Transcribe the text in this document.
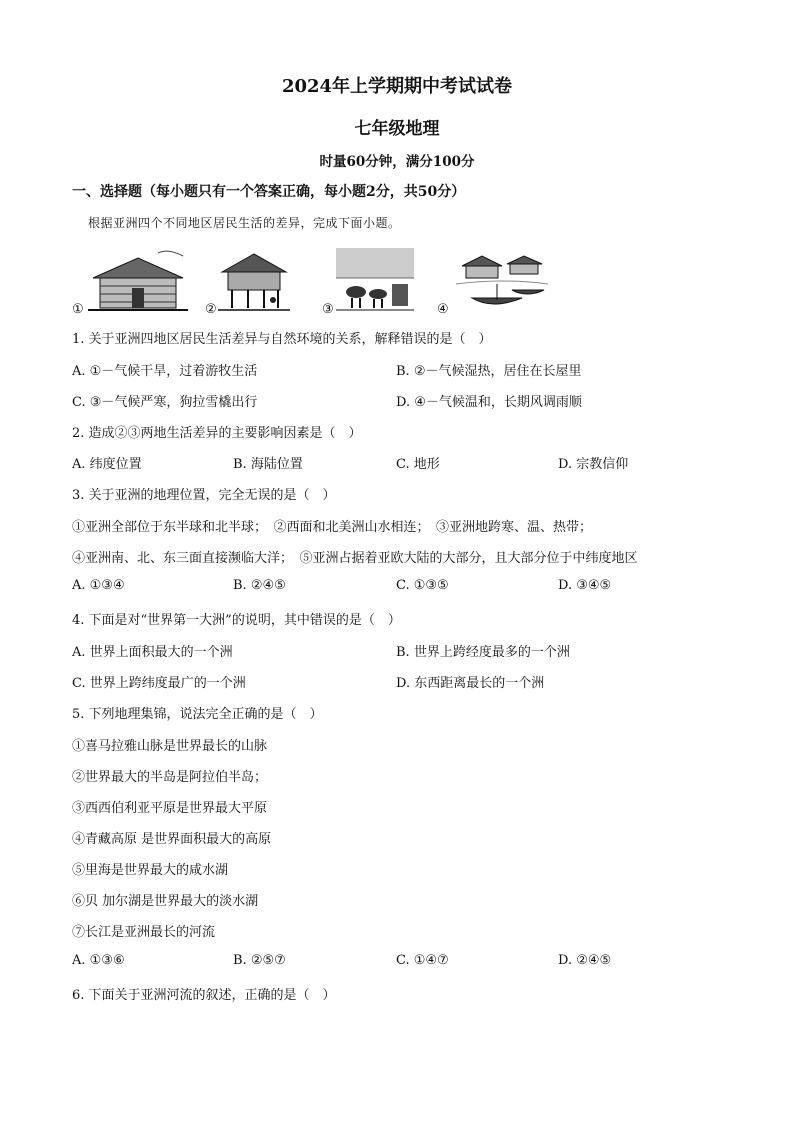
2024年上学期期中考试试卷
七年级地理
时量60分钟，满分100分
一、选择题（每小题只有一个答案正确，每小题2分，共50分）
根据亚洲四个不同地区居民生活的差异，完成下面小题。
①	②	③	④
1. 关于亚洲四地区居民生活差异与自然环境的关系，解释错误的是（　）
A. ①－气候干旱，过着游牧生活	B. ②－气候湿热，居住在长屋里
C. ③－气候严寒，狗拉雪橇出行	D. ④－气候温和，长期风调雨顺
2. 造成②③两地生活差异的主要影响因素是（　）
A. 纬度位置	B. 海陆位置	C. 地形	D. 宗教信仰
3. 关于亚洲的地理位置，完全无误的是（　）
①亚洲全部位于东半球和北半球；　②西面和北美洲山水相连；　③亚洲地跨寒、温、热带；
④亚洲南、北、东三面直接濒临大洋；　⑤亚洲占据着亚欧大陆的大部分，且大部分位于中纬度地区
A. ①③④	B. ②④⑤	C. ①③⑤	D. ③④⑤
4. 下面是对“世界第一大洲”的说明，其中错误的是（　）
A. 世界上面积最大的一个洲	B. 世界上跨经度最多的一个洲
C. 世界上跨纬度最广的一个洲	D. 东西距离最长的一个洲
5. 下列地理集锦，说法完全正确的是（　）
①喜马拉雅山脉是世界最长的山脉
②世界最大的半岛是阿拉伯半岛；
③西西伯利亚平原是世界最大平原
④青藏高原 是世界面积最大的高原
⑤里海是世界最大的咸水湖
⑥贝 加尔湖是世界最大的淡水湖
⑦长江是亚洲最长的河流
A. ①③⑥	B. ②⑤⑦	C. ①④⑦	D. ②④⑤
6. 下面关于亚洲河流的叙述，正确的是（　）
